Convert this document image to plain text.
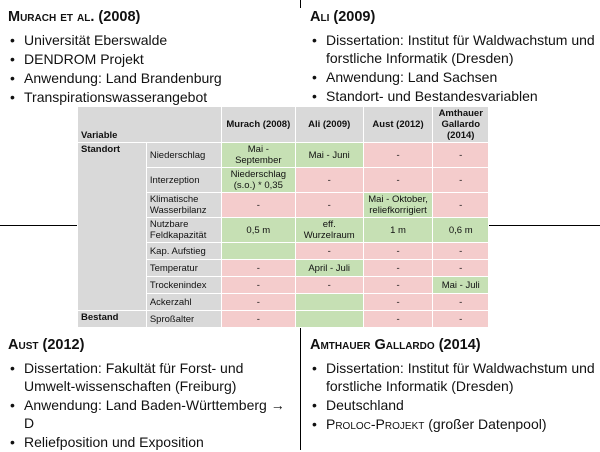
Murach et al. (2008)
• Universität Eberswalde
• DENDROM Projekt
• Anwendung: Land Brandenburg
• Transpirationswasserangebot
Ali (2009)
• Dissertation: Institut für Waldwachstum und forstliche Informatik (Dresden)
• Anwendung: Land Sachsen
• Standort- und Bestandesvariablen
Aust (2012)
• Dissertation: Fakultät für Forst- und Umwelt-wissenschaften (Freiburg)
• Anwendung: Land Baden-Württemberg → D
• Reliefposition und Exposition
Amthauer Gallardo (2014)
• Dissertation: Institut für Waldwachstum und forstliche Informatik (Dresden)
• Deutschland
• Proloc-Projekt (großer Datenpool)
Variable		Murach (2008)	Ali (2009)	Aust (2012)	Amthauer Gallardo (2014)
Standort	Niederschlag	Mai - September	Mai - Juni	-	-
	Interzeption	Niederschlag (s.o.) * 0,35	-	-	-
	Klimatische Wasserbilanz	-	-	Mai - Oktober, reliefkorrigiert	-
	Nutzbare Feldkapazität	0,5 m	eff. Wurzelraum	1 m	0,6 m
	Kap. Aufstieg		-	-	-
	Temperatur	-	April - Juli	-	-
	Trockenindex	-	-	-	Mai - Juli
	Ackerzahl	-		-	-
Bestand	Sproßalter	-		-	-
